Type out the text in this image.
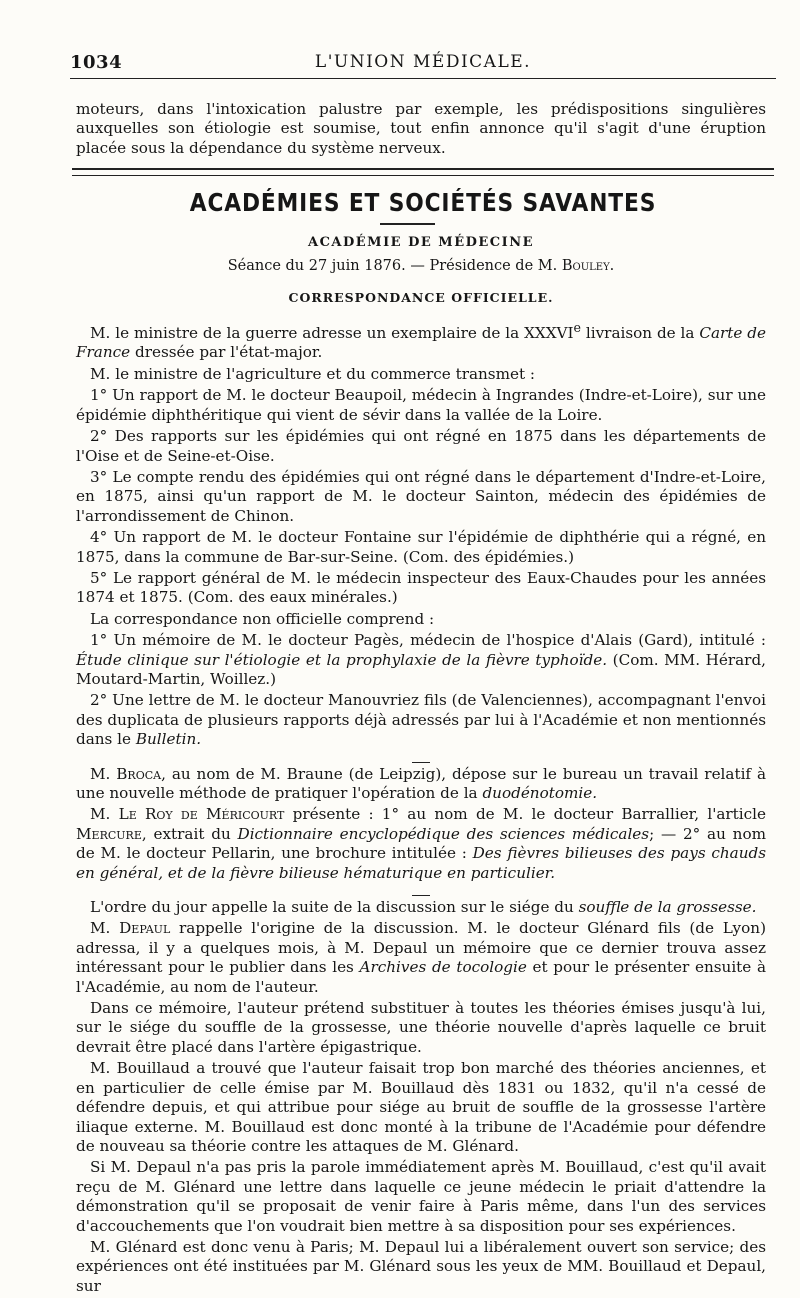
1034	L'UNION MÉDICALE.

moteurs, dans l'intoxication palustre par exemple, les prédispositions singulières auxquelles son étiologie est soumise, tout enfin annonce qu'il s'agit d'une éruption placée sous la dépendance du système nerveux.

ACADÉMIES ET SOCIÉTÉS SAVANTES
ACADÉMIE DE MÉDECINE
Séance du 27 juin 1876. — Présidence de M. Bouley.
CORRESPONDANCE OFFICIELLE.

M. le ministre de la guerre adresse un exemplaire de la XXXVIe livraison de la Carte de France dressée par l'état-major.

M. le ministre de l'agriculture et du commerce transmet :

1° Un rapport de M. le docteur Beaupoil, médecin à Ingrandes (Indre-et-Loire), sur une épidémie diphthéritique qui vient de sévir dans la vallée de la Loire.

2° Des rapports sur les épidémies qui ont régné en 1875 dans les départements de l'Oise et de Seine-et-Oise.

3° Le compte rendu des épidémies qui ont régné dans le département d'Indre-et-Loire, en 1875, ainsi qu'un rapport de M. le docteur Sainton, médecin des épidémies de l'arrondissement de Chinon.

4° Un rapport de M. le docteur Fontaine sur l'épidémie de diphthérie qui a régné, en 1875, dans la commune de Bar-sur-Seine. (Com. des épidémies.)

5° Le rapport général de M. le médecin inspecteur des Eaux-Chaudes pour les années 1874 et 1875. (Com. des eaux minérales.)

La correspondance non officielle comprend :

1° Un mémoire de M. le docteur Pagès, médecin de l'hospice d'Alais (Gard), intitulé : Étude clinique sur l'étiologie et la prophylaxie de la fièvre typhoïde. (Com. MM. Hérard, Moutard-Martin, Woillez.)

2° Une lettre de M. le docteur Manouvriez fils (de Valenciennes), accompagnant l'envoi des duplicata de plusieurs rapports déjà adressés par lui à l'Académie et non mentionnés dans le Bulletin.

M. Broca, au nom de M. Braune (de Leipzig), dépose sur le bureau un travail relatif à une nouvelle méthode de pratiquer l'opération de la duodénotomie.

M. Le Roy de Méricourt présente : 1° au nom de M. le docteur Barrallier, l'article Mercure, extrait du Dictionnaire encyclopédique des sciences médicales; — 2° au nom de M. le docteur Pellarin, une brochure intitulée : Des fièvres bilieuses des pays chauds en général, et de la fièvre bilieuse hématurique en particulier.

L'ordre du jour appelle la suite de la discussion sur le siége du souffle de la grossesse.

M. Depaul rappelle l'origine de la discussion. M. le docteur Glénard fils (de Lyon) adressa, il y a quelques mois, à M. Depaul un mémoire que ce dernier trouva assez intéressant pour le publier dans les Archives de tocologie et pour le présenter ensuite à l'Académie, au nom de l'auteur.

Dans ce mémoire, l'auteur prétend substituer à toutes les théories émises jusqu'à lui, sur le siége du souffle de la grossesse, une théorie nouvelle d'après laquelle ce bruit devrait être placé dans l'artère épigastrique.

M. Bouillaud a trouvé que l'auteur faisait trop bon marché des théories anciennes, et en particulier de celle émise par M. Bouillaud dès 1831 ou 1832, qu'il n'a cessé de défendre depuis, et qui attribue pour siége au bruit de souffle de la grossesse l'artère iliaque externe. M. Bouillaud est donc monté à la tribune de l'Académie pour défendre de nouveau sa théorie contre les attaques de M. Glénard.

Si M. Depaul n'a pas pris la parole immédiatement après M. Bouillaud, c'est qu'il avait reçu de M. Glénard une lettre dans laquelle ce jeune médecin le priait d'attendre la démonstration qu'il se proposait de venir faire à Paris même, dans l'un des services d'accouchements que l'on voudrait bien mettre à sa disposition pour ses expériences.

M. Glénard est donc venu à Paris; M. Depaul lui a libéralement ouvert son service; des expériences ont été instituées par M. Glénard sous les yeux de MM. Bouillaud et Depaul, sur
